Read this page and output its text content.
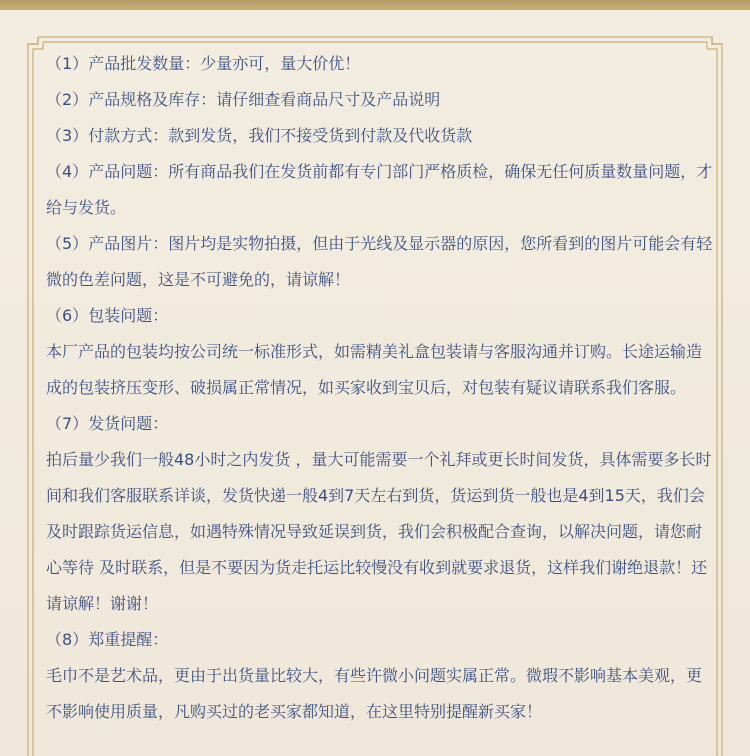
（1）产品批发数量：少量亦可，量大价优！

（2）产品规格及库存：请仔细查看商品尺寸及产品说明

（3）付款方式：款到发货，我们不接受货到付款及代收货款

（4）产品问题：所有商品我们在发货前都有专门部门严格质检，确保无任何质量数量问题，才给与发货。

（5）产品图片：图片均是实物拍摄，但由于光线及显示器的原因，您所看到的图片可能会有轻微的色差问题，这是不可避免的，请谅解！

（6）包装问题：

本厂产品的包装均按公司统一标准形式，如需精美礼盒包装请与客服沟通并订购。长途运输造成的包装挤压变形、破损属正常情况，如买家收到宝贝后，对包装有疑议请联系我们客服。

（7）发货问题：

拍后量少我们一般48小时之内发货 ，量大可能需要一个礼拜或更长时间发货，具体需要多长时间和我们客服联系详谈，发货快递一般4到7天左右到货，货运到货一般也是4到15天，我们会及时跟踪货运信息，如遇特殊情况导致延误到货，我们会积极配合查询，以解决问题，请您耐心等待 及时联系，但是不要因为货走托运比较慢没有收到就要求退货，这样我们谢绝退款！还请谅解！谢谢！

（8）郑重提醒：

毛巾不是艺术品，更由于出货量比较大，有些许微小问题实属正常。微瑕不影响基本美观，更不影响使用质量，凡购买过的老买家都知道，在这里特别提醒新买家！
